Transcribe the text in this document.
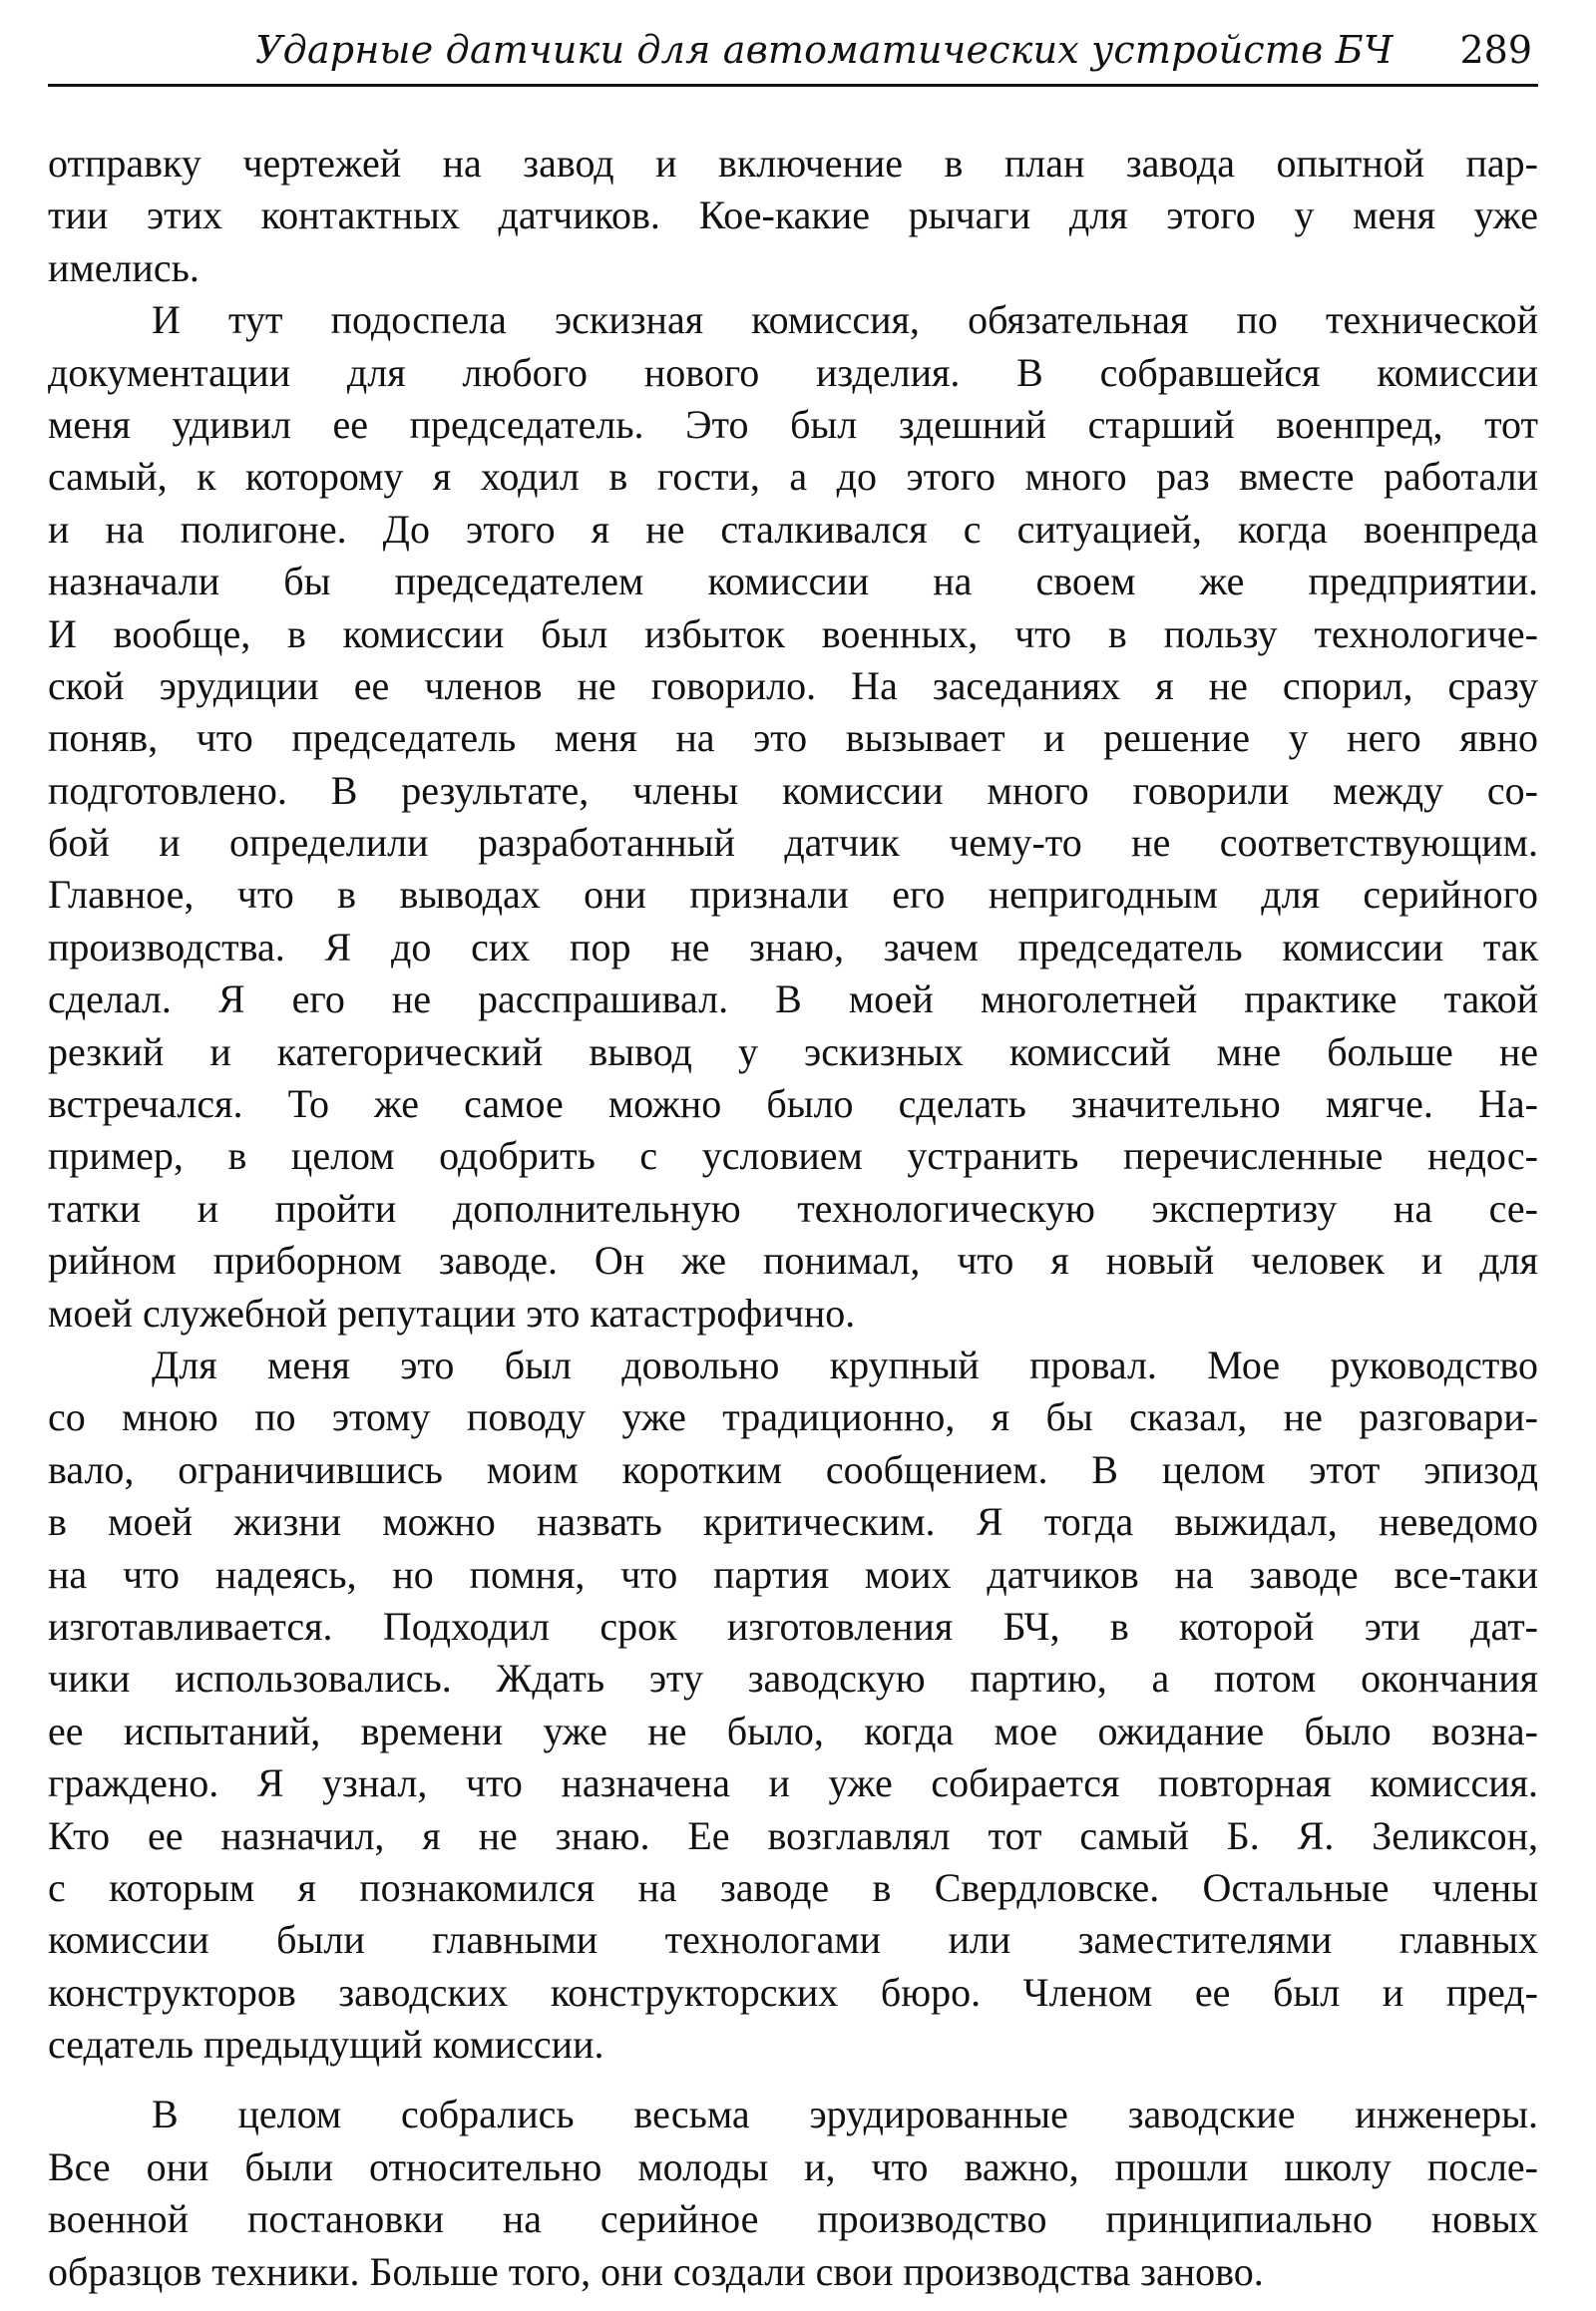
Ударные датчики для автоматических устройств БЧ 289
отправку чертежей на завод и включение в план завода опытной пар-
тии этих контактных датчиков. Кое-какие рычаги для этого у меня уже
имелись.
И тут подоспела эскизная комиссия, обязательная по технической
документации для любого нового изделия. В собравшейся комиссии
меня удивил ее председатель. Это был здешний старший военпред, тот
самый, к которому я ходил в гости, а до этого много раз вместе работали
и на полигоне. До этого я не сталкивался с ситуацией, когда военпреда
назначали бы председателем комиссии на своем же предприятии.
И вообще, в комиссии был избыток военных, что в пользу технологиче-
ской эрудиции ее членов не говорило. На заседаниях я не спорил, сразу
поняв, что председатель меня на это вызывает и решение у него явно
подготовлено. В результате, члены комиссии много говорили между со-
бой и определили разработанный датчик чему-то не соответствующим.
Главное, что в выводах они признали его непригодным для серийного
производства. Я до сих пор не знаю, зачем председатель комиссии так
сделал. Я его не расспрашивал. В моей многолетней практике такой
резкий и категорический вывод у эскизных комиссий мне больше не
встречался. То же самое можно было сделать значительно мягче. На-
пример, в целом одобрить с условием устранить перечисленные недос-
татки и пройти дополнительную технологическую экспертизу на се-
рийном приборном заводе. Он же понимал, что я новый человек и для
моей служебной репутации это катастрофично.
Для меня это был довольно крупный провал. Мое руководство
со мною по этому поводу уже традиционно, я бы сказал, не разговари-
вало, ограничившись моим коротким сообщением. В целом этот эпизод
в моей жизни можно назвать критическим. Я тогда выжидал, неведомо
на что надеясь, но помня, что партия моих датчиков на заводе все-таки
изготавливается. Подходил срок изготовления БЧ, в которой эти дат-
чики использовались. Ждать эту заводскую партию, а потом окончания
ее испытаний, времени уже не было, когда мое ожидание было возна-
граждено. Я узнал, что назначена и уже собирается повторная комиссия.
Кто ее назначил, я не знаю. Ее возглавлял тот самый Б. Я. Зеликсон,
с которым я познакомился на заводе в Свердловске. Остальные члены
комиссии были главными технологами или заместителями главных
конструкторов заводских конструкторских бюро. Членом ее был и пред-
седатель предыдущий комиссии.
В целом собрались весьма эрудированные заводские инженеры.
Все они были относительно молоды и, что важно, прошли школу после-
военной постановки на серийное производство принципиально новых
образцов техники. Больше того, они создали свои производства заново.
